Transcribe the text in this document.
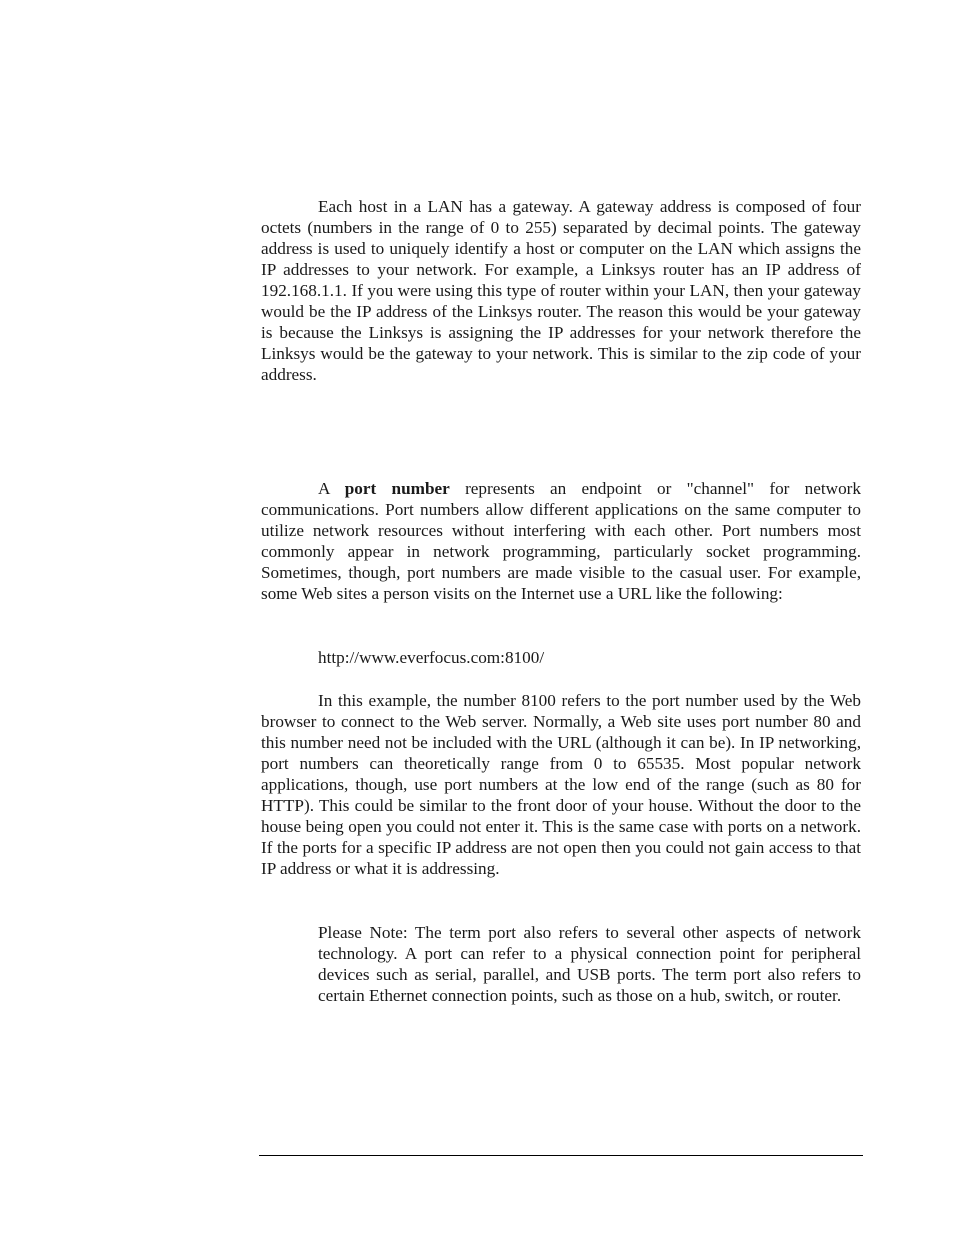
Each host in a LAN has a gateway. A gateway address is composed of four octets (numbers in the range of 0 to 255) separated by decimal points. The gateway address is used to uniquely identify a host or computer on the LAN which assigns the IP addresses to your network. For example, a Linksys router has an IP address of 192.168.1.1. If you were using this type of router within your LAN, then your gateway would be the IP address of the Linksys router. The reason this would be your gateway is because the Linksys is assigning the IP addresses for your network therefore the Linksys would be the gateway to your network. This is similar to the zip code of your address.

A port number represents an endpoint or "channel" for network communications. Port numbers allow different applications on the same computer to utilize network resources without interfering with each other. Port numbers most commonly appear in network programming, particularly socket programming. Sometimes, though, port numbers are made visible to the casual user. For example, some Web sites a person visits on the Internet use a URL like the following:

http://www.everfocus.com:8100/

In this example, the number 8100 refers to the port number used by the Web browser to connect to the Web server. Normally, a Web site uses port number 80 and this number need not be included with the URL (although it can be). In IP networking, port numbers can theoretically range from 0 to 65535. Most popular network applications, though, use port numbers at the low end of the range (such as 80 for HTTP). This could be similar to the front door of your house. Without the door to the house being open you could not enter it. This is the same case with ports on a network. If the ports for a specific IP address are not open then you could not gain access to that IP address or what it is addressing.

Please Note: The term port also refers to several other aspects of network technology. A port can refer to a physical connection point for peripheral devices such as serial, parallel, and USB ports. The term port also refers to certain Ethernet connection points, such as those on a hub, switch, or router.
